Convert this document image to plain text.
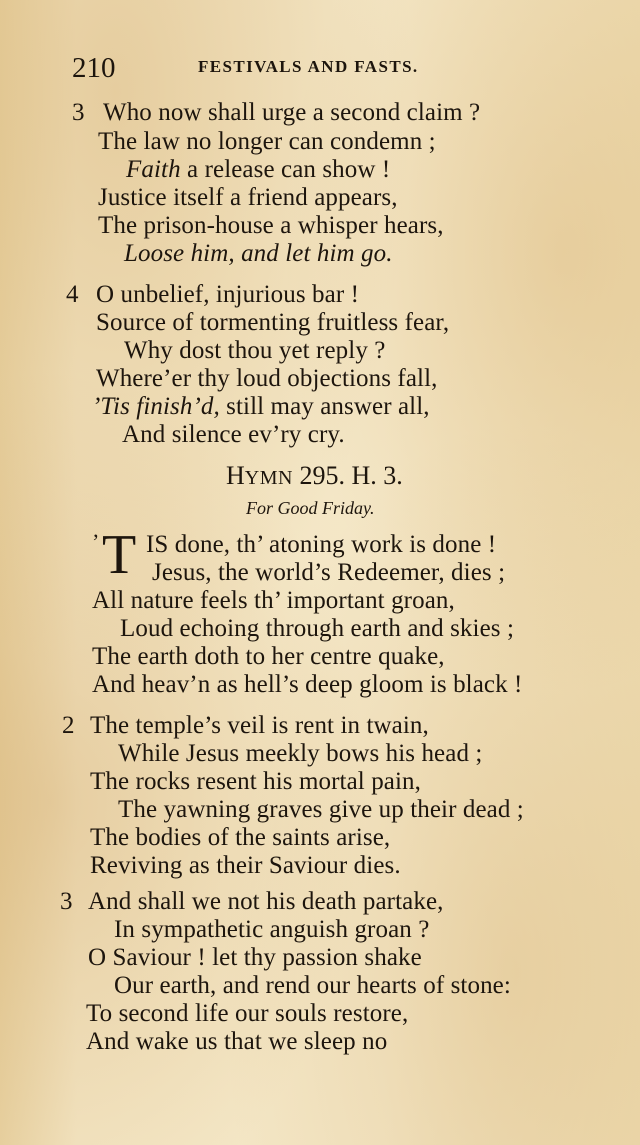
210	FESTIVALS AND FASTS.
3 Who now shall urge a second claim ?

The law no longer can condemn ;

Faith a release can show !

Justice itself a friend appears,

The prison-house a whisper hears,

Loose him, and let him go.

4 O unbelief, injurious bar !

Source of tormenting fruitless fear,

Why dost thou yet reply ?

Where’er thy loud objections fall,

’Tis finish’d, still may answer all,

And silence ev’ry cry.

HYMN 295. H. 3.
For Good Friday.
’ T IS done, th’ atoning work is done !

Jesus, the world’s Redeemer, dies ;

All nature feels th’ important groan,

Loud echoing through earth and skies ;

The earth doth to her centre quake,

And heav’n as hell’s deep gloom is black !

2 The temple’s veil is rent in twain,

While Jesus meekly bows his head ;

The rocks resent his mortal pain,

The yawning graves give up their dead ;

The bodies of the saints arise,

Reviving as their Saviour dies.

3 And shall we not his death partake,

In sympathetic anguish groan ?

O Saviour ! let thy passion shake

Our earth, and rend our hearts of stone:

To second life our souls restore,

And wake us that we sleep no
